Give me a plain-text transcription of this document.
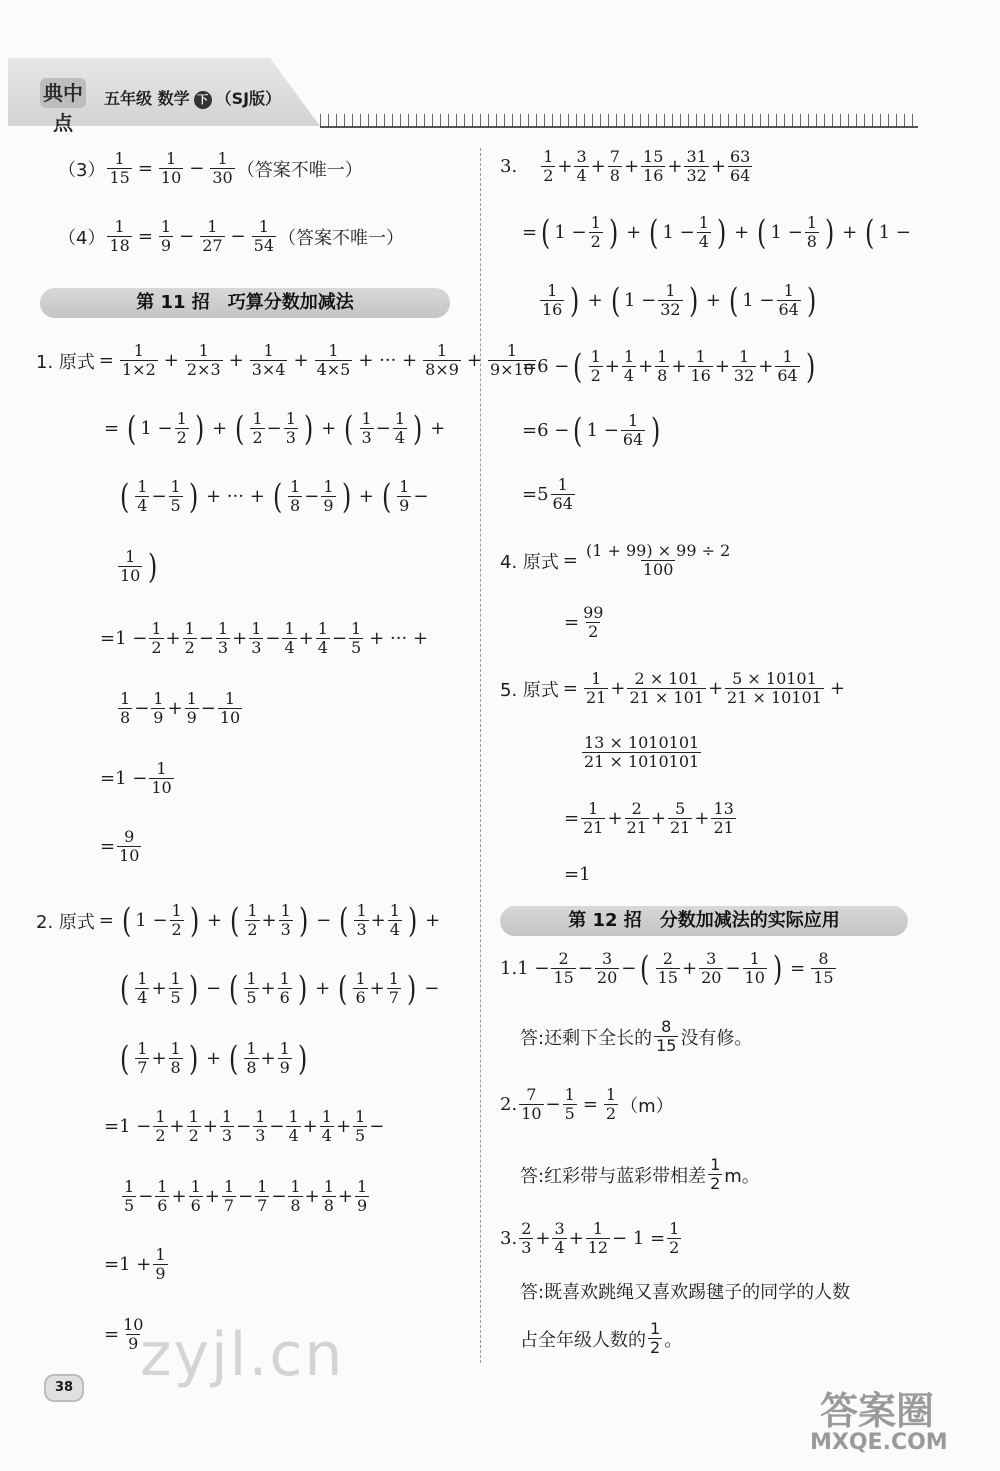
典中点
五年级 数学 下 （SJ版）
$(3) \frac{1}{15} = \frac{1}{10} - \frac{1}{30}$ （答案不唯一）
$(4) \frac{1}{18} = \frac{1}{9} - \frac{1}{27} - \frac{1}{54}$ （答案不唯一）
第 11 招　巧算分数加减法
1. 原式 = $\frac{1}{1\times 2} + \frac{1}{2\times 3} + \frac{1}{3\times 4} + \frac{1}{4\times 5}$ + ··· + $\frac{1}{8\times 9} + \frac{1}{9\times 10}$
= ( $1 - \frac{1}{2}$ ) + ( $\frac{1}{2} - \frac{1}{3}$ ) + ( $\frac{1}{3} - \frac{1}{4}$ ) +
( $\frac{1}{4} - \frac{1}{5}$ ) + ··· + ( $\frac{1}{8} - \frac{1}{9}$ ) + ( $\frac{1}{9}$ −
$\frac{1}{10}$ )
$=1 - \frac{1}{2} + \frac{1}{2} - \frac{1}{3} + \frac{1}{3} - \frac{1}{4} + \frac{1}{4} - \frac{1}{5}$ + ··· +
$\frac{1}{8} - \frac{1}{9} + \frac{1}{9} - \frac{1}{10}$
$=1 - \frac{1}{10}$
= $\frac{9}{10}$
2. 原式 = ( $1 - \frac{1}{2}$ ) + ( $\frac{1}{2} + \frac{1}{3}$ ) − ( $\frac{1}{3} + \frac{1}{4}$ ) +
( $\frac{1}{4} + \frac{1}{5}$ ) − ( $\frac{1}{5} + \frac{1}{6}$ ) + ( $\frac{1}{6} + \frac{1}{7}$ ) −
( $\frac{1}{7} + \frac{1}{8}$ ) + ( $\frac{1}{8} + \frac{1}{9}$ )
$=1 - \frac{1}{2} + \frac{1}{2} + \frac{1}{3} - \frac{1}{3} - \frac{1}{4} + \frac{1}{4} + \frac{1}{5}$ −
$\frac{1}{5} - \frac{1}{6} + \frac{1}{6} + \frac{1}{7} - \frac{1}{7} - \frac{1}{8} + \frac{1}{8} + \frac{1}{9}$
$=1 + \frac{1}{9}$
= $\frac{10}{9}$
3. $\frac{1}{2} + \frac{3}{4} + \frac{7}{8} + \frac{15}{16} + \frac{31}{32} + \frac{63}{64}$
= ( $1 - \frac{1}{2}$ ) + ( $1 - \frac{1}{4}$ ) + ( $1 - \frac{1}{8}$ ) + ( 1 −
$\frac{1}{16}$ ) + ( $1 - \frac{1}{32}$ ) + ( $1 - \frac{1}{64}$ )
=6 − ( $\frac{1}{2} + \frac{1}{4} + \frac{1}{8} + \frac{1}{16} + \frac{1}{32} + \frac{1}{64}$ )
=6 − ( $1 - \frac{1}{64}$ )
$=5 \frac{1}{64}$
4. 原式 = $\frac{(1 + 99) \times 99 \div 2}{100}$
= $\frac{99}{2}$
5. 原式 = $\frac{1}{21} + \frac{2 \times 101}{21 \times 101} + \frac{5 \times 10101}{21 \times 10101}$ +
$\frac{13 \times 1010101}{21 \times 1010101}$
= $\frac{1}{21} + \frac{2}{21} + \frac{5}{21} + \frac{13}{21}$
=1
第 12 招　分数加减法的实际应用
1. $1 - \frac{2}{15} - \frac{3}{20}$ − ( $\frac{2}{15} + \frac{3}{20} - \frac{1}{10}$ ) = $\frac{8}{15}$
答:还剩下全长的 $\frac{8}{15}$ 没有修。
2. $\frac{7}{10} - \frac{1}{5} = \frac{1}{2} (m)$
答:红彩带与蓝彩带相差 $\frac{1}{2}$ m。
3. $\frac{2}{3} + \frac{3}{4} + \frac{1}{12} - 1 = \frac{1}{2}$
答:既喜欢跳绳又喜欢踢毽子的同学的人数
占全年级人数的 $\frac{1}{2}$ 。
38 zyjl.cn
答案圈
MXQE.COM
